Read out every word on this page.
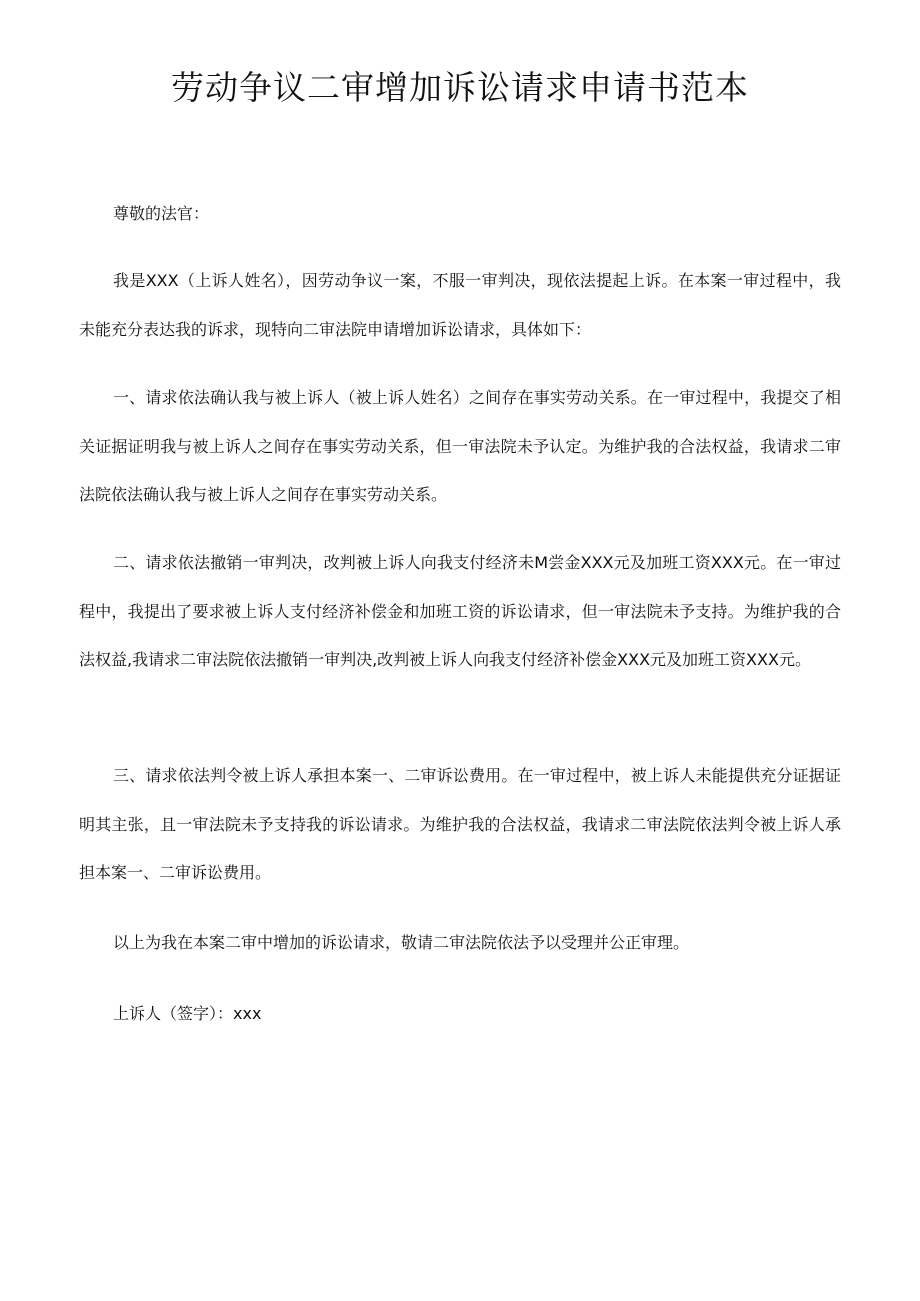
劳动争议二审增加诉讼请求申请书范本

尊敬的法官：

我是XXX（上诉人姓名），因劳动争议一案，不服一审判决，现依法提起上诉。在本案一审过程中，我未能充分表达我的诉求，现特向二审法院申请增加诉讼请求，具体如下：

一、请求依法确认我与被上诉人（被上诉人姓名）之间存在事实劳动关系。在一审过程中，我提交了相关证据证明我与被上诉人之间存在事实劳动关系，但一审法院未予认定。为维护我的合法权益，我请求二审法院依法确认我与被上诉人之间存在事实劳动关系。

二、请求依法撤销一审判决，改判被上诉人向我支付经济未M尝金XXX元及加班工资XXX元。在一审过程中，我提出了要求被上诉人支付经济补偿金和加班工资的诉讼请求，但一审法院未予支持。为维护我的合法权益,我请求二审法院依法撤销一审判决,改判被上诉人向我支付经济补偿金XXX元及加班工资XXX元。

三、请求依法判令被上诉人承担本案一、二审诉讼费用。在一审过程中，被上诉人未能提供充分证据证明其主张，且一审法院未予支持我的诉讼请求。为维护我的合法权益，我请求二审法院依法判令被上诉人承担本案一、二审诉讼费用。

以上为我在本案二审中增加的诉讼请求，敬请二审法院依法予以受理并公正审理。

上诉人（签字）：xxx
